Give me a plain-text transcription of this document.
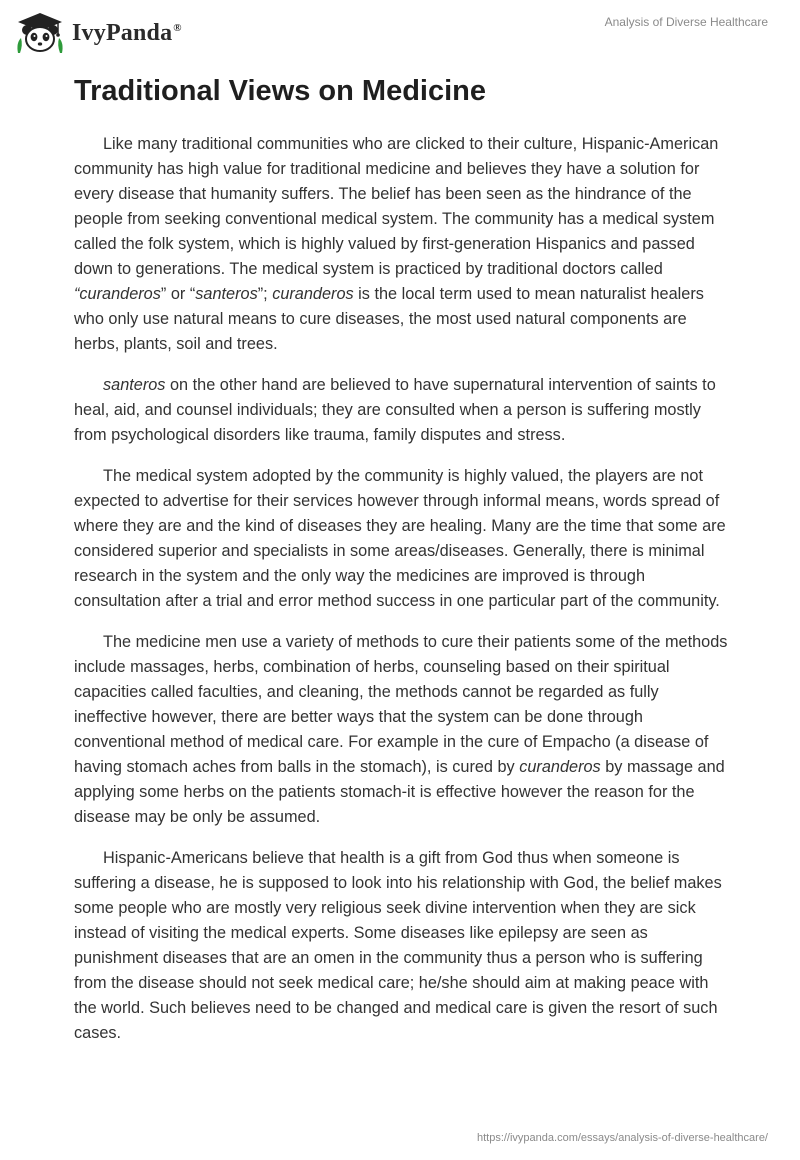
IvyPanda®	Analysis of Diverse Healthcare
Traditional Views on Medicine

Like many traditional communities who are clicked to their culture, Hispanic-American community has high value for traditional medicine and believes they have a solution for every disease that humanity suffers. The belief has been seen as the hindrance of the people from seeking conventional medical system. The community has a medical system called the folk system, which is highly valued by first-generation Hispanics and passed down to generations. The medical system is practiced by traditional doctors called “curanderos” or “santeros”; curanderos is the local term used to mean naturalist healers who only use natural means to cure diseases, the most used natural components are herbs, plants, soil and trees.

santeros on the other hand are believed to have supernatural intervention of saints to heal, aid, and counsel individuals; they are consulted when a person is suffering mostly from psychological disorders like trauma, family disputes and stress.

The medical system adopted by the community is highly valued, the players are not expected to advertise for their services however through informal means, words spread of where they are and the kind of diseases they are healing. Many are the time that some are considered superior and specialists in some areas/diseases. Generally, there is minimal research in the system and the only way the medicines are improved is through consultation after a trial and error method success in one particular part of the community.

The medicine men use a variety of methods to cure their patients some of the methods include massages, herbs, combination of herbs, counseling based on their spiritual capacities called faculties, and cleaning, the methods cannot be regarded as fully ineffective however, there are better ways that the system can be done through conventional method of medical care. For example in the cure of Empacho (a disease of having stomach aches from balls in the stomach), is cured by curanderos by massage and applying some herbs on the patients stomach-it is effective however the reason for the disease may be only be assumed.

Hispanic-Americans believe that health is a gift from God thus when someone is suffering a disease, he is supposed to look into his relationship with God, the belief makes some people who are mostly very religious seek divine intervention when they are sick instead of visiting the medical experts. Some diseases like epilepsy are seen as punishment diseases that are an omen in the community thus a person who is suffering from the disease should not seek medical care; he/she should aim at making peace with the world. Such believes need to be changed and medical care is given the resort of such cases.

https://ivypanda.com/essays/analysis-of-diverse-healthcare/
